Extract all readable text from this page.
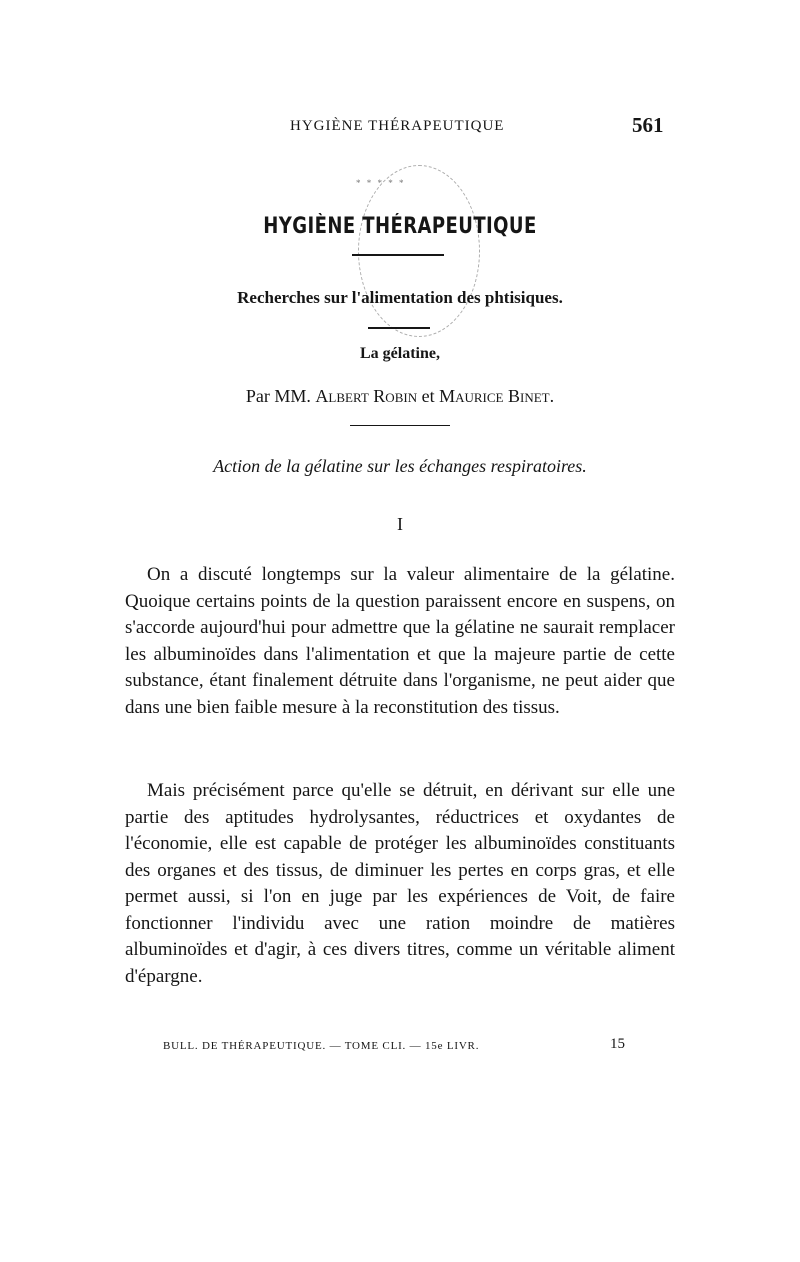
HYGIÈNE THÉRAPEUTIQUE	561
* * * * *
HYGIÈNE THÉRAPEUTIQUE
Recherches sur l'alimentation des phtisiques.
La gélatine,
Par MM. Albert Robin et Maurice Binet.
Action de la gélatine sur les échanges respiratoires.
I

On a discuté longtemps sur la valeur alimentaire de la gélatine. Quoique certains points de la question paraissent encore en suspens, on s'accorde aujourd'hui pour admettre que la gélatine ne saurait remplacer les albuminoïdes dans l'alimentation et que la majeure partie de cette substance, étant finalement détruite dans l'organisme, ne peut aider que dans une bien faible mesure à la reconstitution des tissus.

Mais précisément parce qu'elle se détruit, en dérivant sur elle une partie des aptitudes hydrolysantes, réductrices et oxydantes de l'économie, elle est capable de protéger les albuminoïdes constituants des organes et des tissus, de diminuer les pertes en corps gras, et elle permet aussi, si l'on en juge par les expériences de Voit, de faire fonctionner l'individu avec une ration moindre de matières albuminoïdes et d'agir, à ces divers titres, comme un véritable aliment d'épargne.

BULL. DE THÉRAPEUTIQUE. — TOME CLI. — 15e LIVR.	15
